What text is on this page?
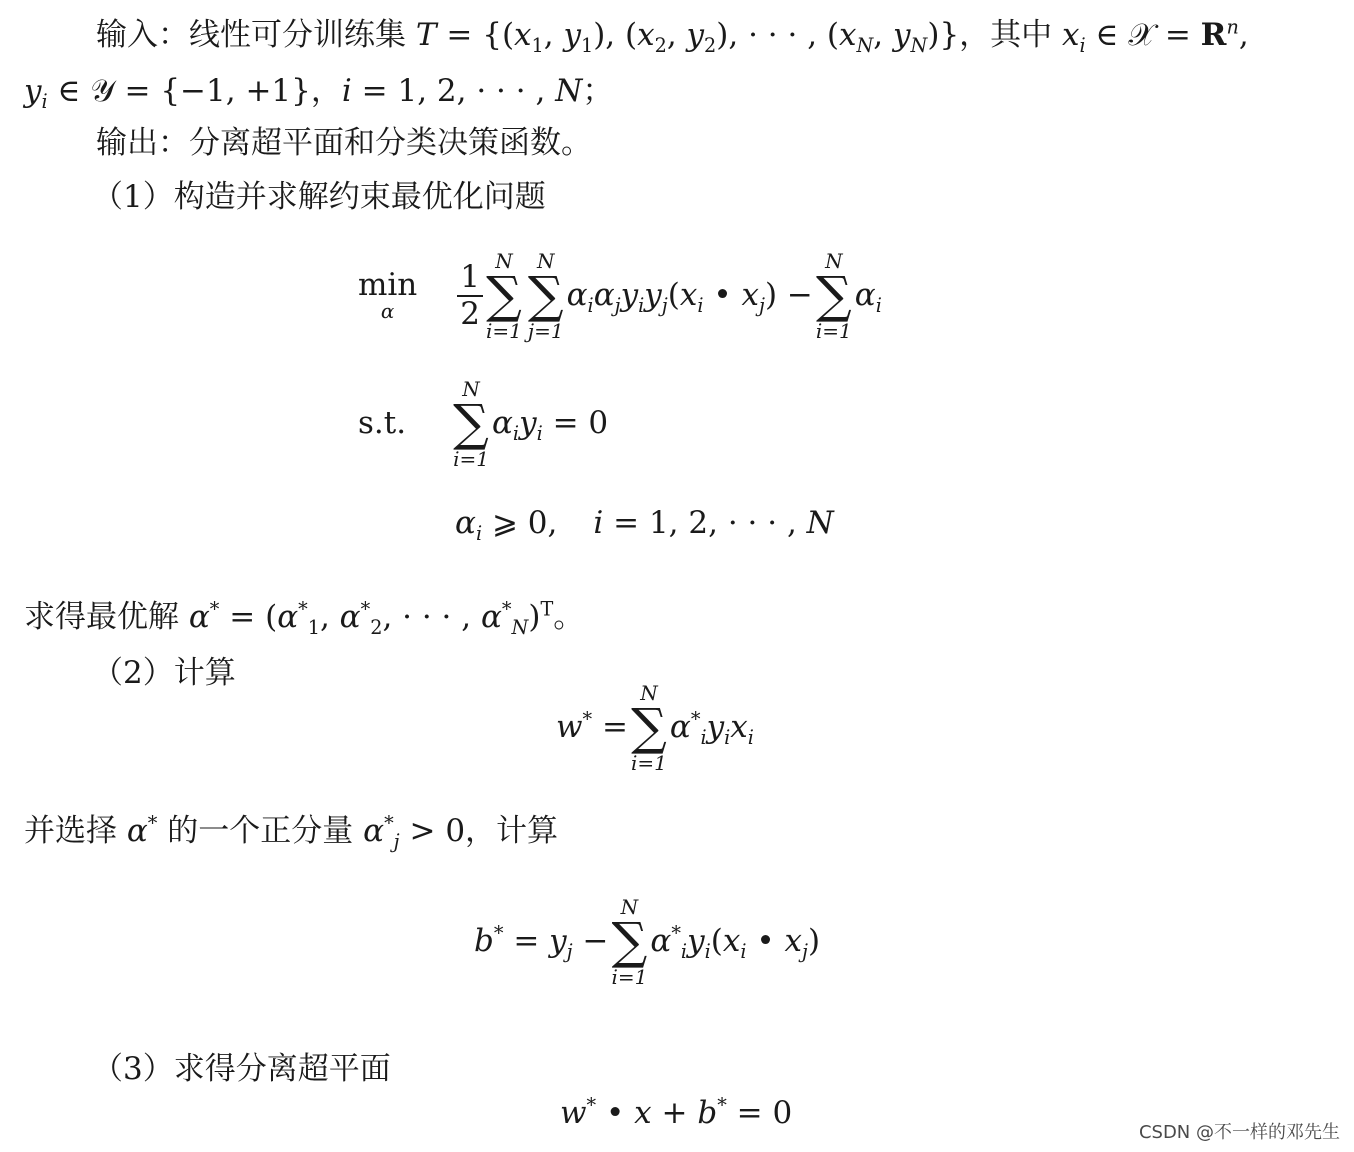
输入：线性可分训练集 $T = \{(x_1$, $y_1$), ($x_2$, $y_2$), · · · , ($x_N$, $y_N$)}，其中 $x_i$ ∈ 𝒳 = $R^n$,
$y_i$ ∈ 𝒴 = {−1, +1}，i = 1, 2, · · · , N；
输出：分离超平面和分类决策函数。
（1）构造并求解约束最优化问题
min
α	$\frac{1}{2}$
N
∑
i=1
N
∑
j=1
$\alpha_i\alpha_jy_iy_j(x_i$ • $x_j$) −
N
∑
i=1
$\alpha_i$
s.t.
N
∑
i=1
$\alpha_iy_i = 0$
$\alpha_i$ ⩾ 0, i = 1, 2, · · · , N
求得最优解 $\alpha^* = (\alpha^*_1$, $\alpha^*_2$, · · · , $\alpha^*_N)^T$。
（2）计算
w* =
N
∑
i=1
$\alpha^*_iy_ix_i$
并选择 α* 的一个正分量 $\alpha^*_j > 0$，计算
$b^* = y_j$ −
N
∑
i=1
$\alpha^*_iy_i(x_i$ • $x_j$)
（3）求得分离超平面
w* • x + b* = 0
CSDN @不一样的邓先生
